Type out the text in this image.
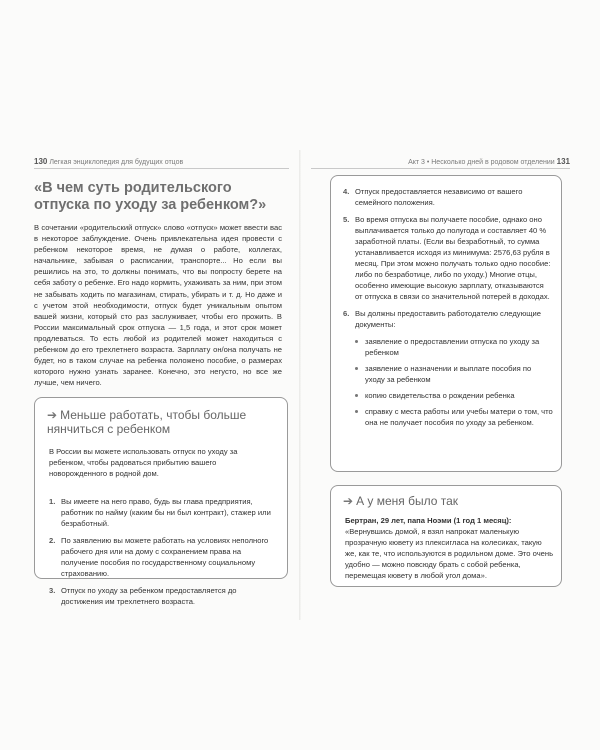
130 Легкая энциклопедия для будущих отцов	Акт 3 • Несколько дней в родовом отделении 131
«В чем суть родительского отпуска по уходу за ребенком?»

В сочетании «родительский отпуск» слово «отпуск» может ввести вас в некоторое заблуждение. Очень привлекательна идея провести с ребенком некоторое время, не думая о работе, коллегах, начальнике, забывая о расписании, транспорте... Но если вы решились на это, то должны понимать, что вы попросту берете на себя заботу о ребенке. Его надо кормить, ухаживать за ним, при этом не забывать ходить по магазинам, стирать, убирать и т. д. Но даже и с учетом этой необходимости, отпуск будет уникальным опытом вашей жизни, который сто раз заслуживает, чтобы его прожить. В России максимальный срок отпуска — 1,5 года, и этот срок может продлеваться. То есть любой из родителей может находиться с ребенком до его трехлетнего возраста. Зарплату он/она получать не будет, но в таком случае на ребенка положено пособие, о размерах которого нужно узнать заранее. Конечно, это негусто, но все же лучше, чем ничего.

➔ Меньше работать, чтобы больше нянчиться с ребенком
В России вы можете использовать отпуск по уходу за ребенком, чтобы радоваться прибытию вашего новорожденного в родной дом.
1. Вы имеете на него право, будь вы глава предприятия, работник по найму (каким бы ни был контракт), стажер или безработный.
2. По заявлению вы можете работать на условиях неполного рабочего дня или на дому с сохранением права на получение пособия по государственному социальному страхованию.
3. Отпуск по уходу за ребенком предоставляется до достижения им трехлетнего возраста.
4. Отпуск предоставляется независимо от вашего семейного положения.
5. Во время отпуска вы получаете пособие, однако оно выплачивается только до полугода и составляет 40 % заработной платы. (Если вы безработный, то сумма устанавливается исходя из минимума: 2576,63 рубля в месяц. При этом можно получать только одно пособие: либо по безработице, либо по уходу.) Многие отцы, особенно имеющие высокую зарплату, отказываются от отпуска в связи со значительной потерей в доходах.
6. Вы должны предоставить работодателю следующие документы:
заявление о предоставлении отпуска по уходу за ребенком
заявление о назначении и выплате пособия по уходу за ребенком
копию свидетельства о рождении ребенка
справку с места работы или учебы матери о том, что она не получает пособия по уходу за ребенком.
➔ А у меня было так
Бертран, 29 лет, папа Ноэми (1 год 1 месяц):
«Вернувшись домой, я взял напрокат маленькую прозрачную кювету из плексигласа на колесиках, такую же, как те, что используются в родильном доме. Это очень удобно — можно повсюду брать с собой ребенка, перемещая кювету в любой угол дома».
